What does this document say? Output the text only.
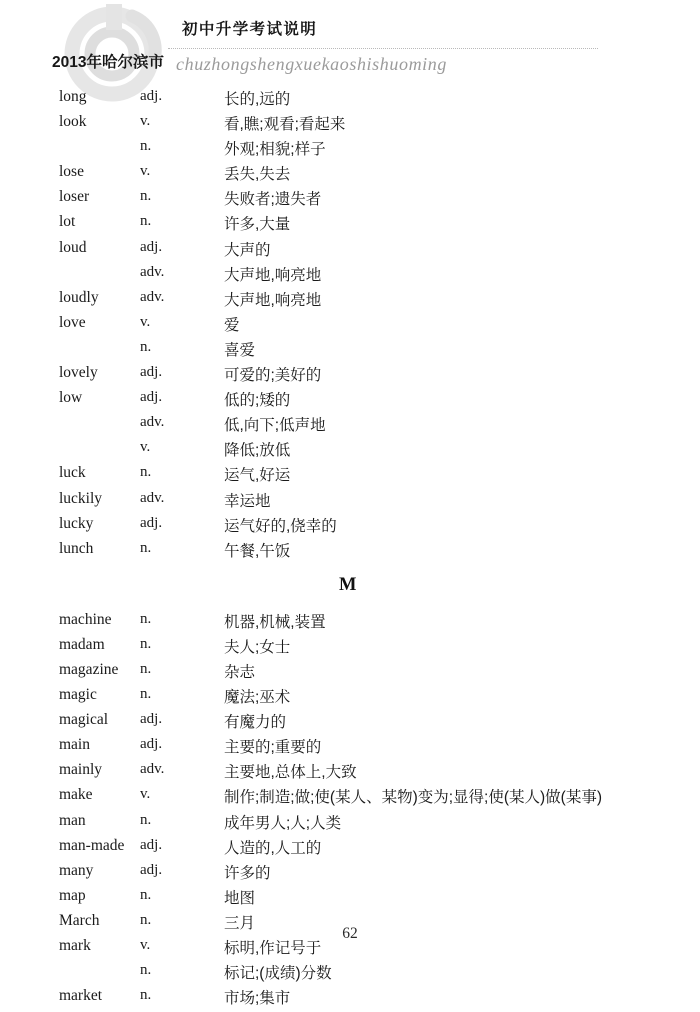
2013年哈尔滨市
初中升学考试说明
chuzhongshengxuekaoshishuoming
long	adj.	长的,远的
look	v.	看,瞧;观看;看起来
n.	外观;相貌;样子
lose	v.	丢失,失去
loser	n.	失败者;遗失者
lot	n.	许多,大量
loud	adj.	大声的
adv.	大声地,响亮地
loudly	adv.	大声地,响亮地
love	v.	爱
n.	喜爱
lovely	adj.	可爱的;美好的
low	adj.	低的;矮的
adv.	低,向下;低声地
v.	降低;放低
luck	n.	运气,好运
luckily	adv.	幸运地
lucky	adj.	运气好的,侥幸的
lunch	n.	午餐,午饭
M
machine n.	机器,机械,装置
madam n.	夫人;女士
magazine n.	杂志
magic	n.	魔法;巫术
magical adj.	有魔力的
main	adj.	主要的;重要的
mainly	adv.	主要地,总体上,大致
make	v.	制作;制造;做;使(某人、某物)变为;显得;使(某人)做(某事)
man	n.	成年男人;人;人类
man-made adj.	人造的,人工的
many	adj.	许多的
map	n.	地图
March	n.	三月
mark	v.	标明,作记号于
n.	标记;(成绩)分数
market	n.	市场;集市
62
